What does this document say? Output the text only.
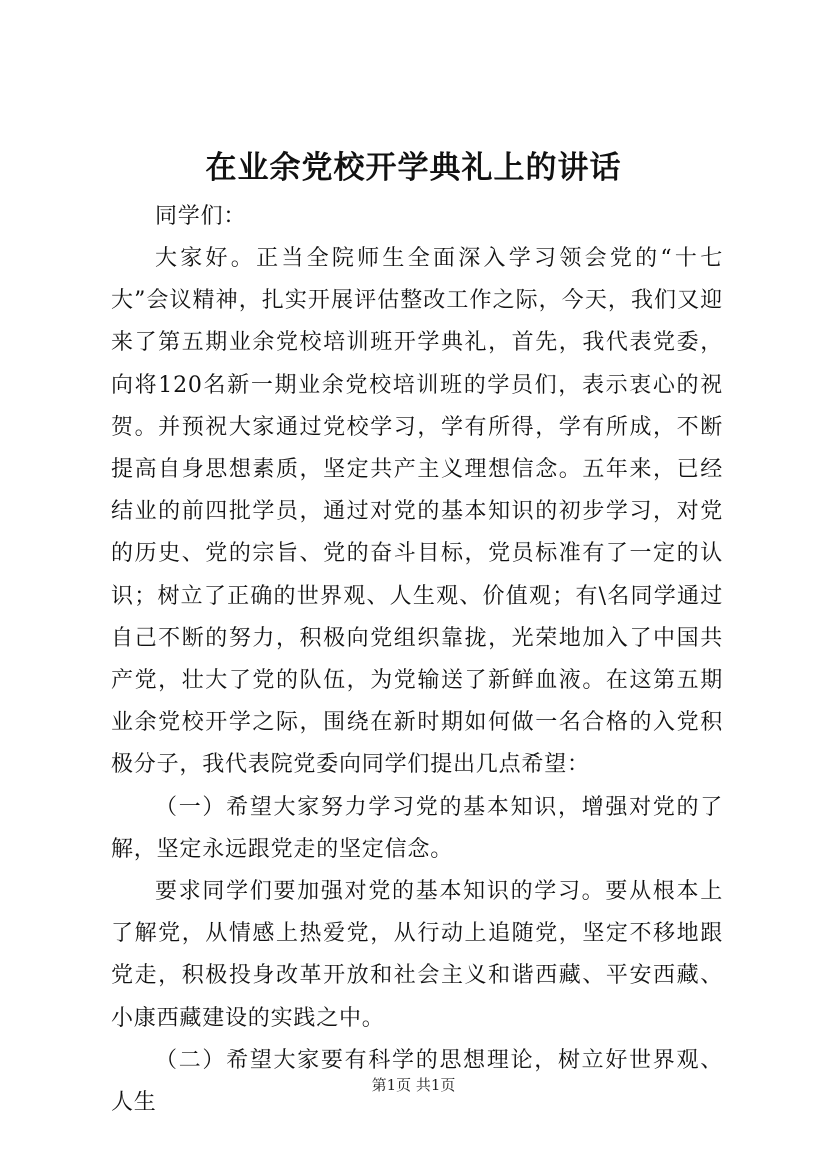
在业余党校开学典礼上的讲话

同学们：

大家好。正当全院师生全面深入学习领会党的“十七大”会议精神，扎实开展评估整改工作之际，今天，我们又迎来了第五期业余党校培训班开学典礼，首先，我代表党委，向将120名新一期业余党校培训班的学员们，表示衷心的祝贺。并预祝大家通过党校学习，学有所得，学有所成，不断提高自身思想素质，坚定共产主义理想信念。五年来，已经结业的前四批学员，通过对党的基本知识的初步学习，对党的历史、党的宗旨、党的奋斗目标，党员标准有了一定的认识；树立了正确的世界观、人生观、价值观；有\名同学通过自己不断的努力，积极向党组织靠拢，光荣地加入了中国共产党，壮大了党的队伍，为党输送了新鲜血液。在这第五期业余党校开学之际，围绕在新时期如何做一名合格的入党积极分子，我代表院党委向同学们提出几点希望：

（一）希望大家努力学习党的基本知识，增强对党的了解，坚定永远跟党走的坚定信念。

要求同学们要加强对党的基本知识的学习。要从根本上了解党，从情感上热爱党，从行动上追随党，坚定不移地跟党走，积极投身改革开放和社会主义和谐西藏、平安西藏、小康西藏建设的实践之中。

（二）希望大家要有科学的思想理论，树立好世界观、人生

第1页 共1页
